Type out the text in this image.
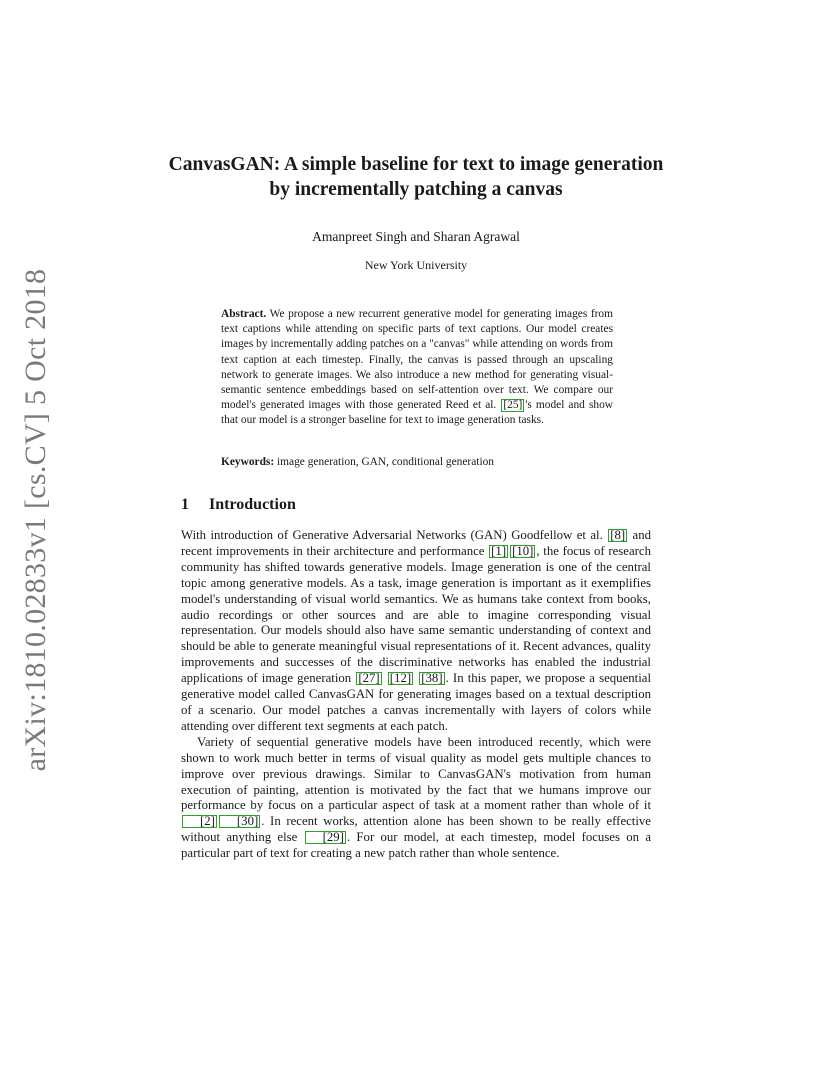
arXiv:1810.02833v1 [cs.CV] 5 Oct 2018
CanvasGAN: A simple baseline for text to image generation by incrementally patching a canvas
Amanpreet Singh and Sharan Agrawal
New York University
Abstract. We propose a new recurrent generative model for generating images from text captions while attending on specific parts of text captions. Our model creates images by incrementally adding patches on a "canvas" while attending on words from text caption at each timestep. Finally, the canvas is passed through an upscaling network to generate images. We also introduce a new method for generating visual-semantic sentence embeddings based on self-attention over text. We compare our model's generated images with those generated Reed et al. [25] 's model and show that our model is a stronger baseline for text to image generation tasks.
Keywords: image generation, GAN, conditional generation
1 Introduction

With introduction of Generative Adversarial Networks (GAN) Goodfellow et al. [8] and recent improvements in their architecture and performance [1] [10] , the focus of research community has shifted towards generative models. Image generation is one of the central topic among generative models. As a task, image generation is important as it exemplifies model's understanding of visual world semantics. We as humans take context from books, audio recordings or other sources and are able to imagine corresponding visual representation. Our models should also have same semantic understanding of context and should be able to generate meaningful visual representations of it. Recent advances, quality improvements and successes of the discriminative networks has enabled the industrial applications of image generation [27] [12] [38] . In this paper, we propose a sequential generative model called CanvasGAN for generating images based on a textual description of a scenario. Our model patches a canvas incrementally with layers of colors while attending over different text segments at each patch.

Variety of sequential generative models have been introduced recently, which were shown to work much better in terms of visual quality as model gets multiple chances to improve over previous drawings. Similar to CanvasGAN's motivation from human execution of painting, attention is motivated by the fact that we humans improve our performance by focus on a particular aspect of task at a moment rather than whole of it [2] [30] . In recent works, attention alone has been shown to be really effective without anything else [29] . For our model, at each timestep, model focuses on a particular part of text for creating a new patch rather than whole sentence.
